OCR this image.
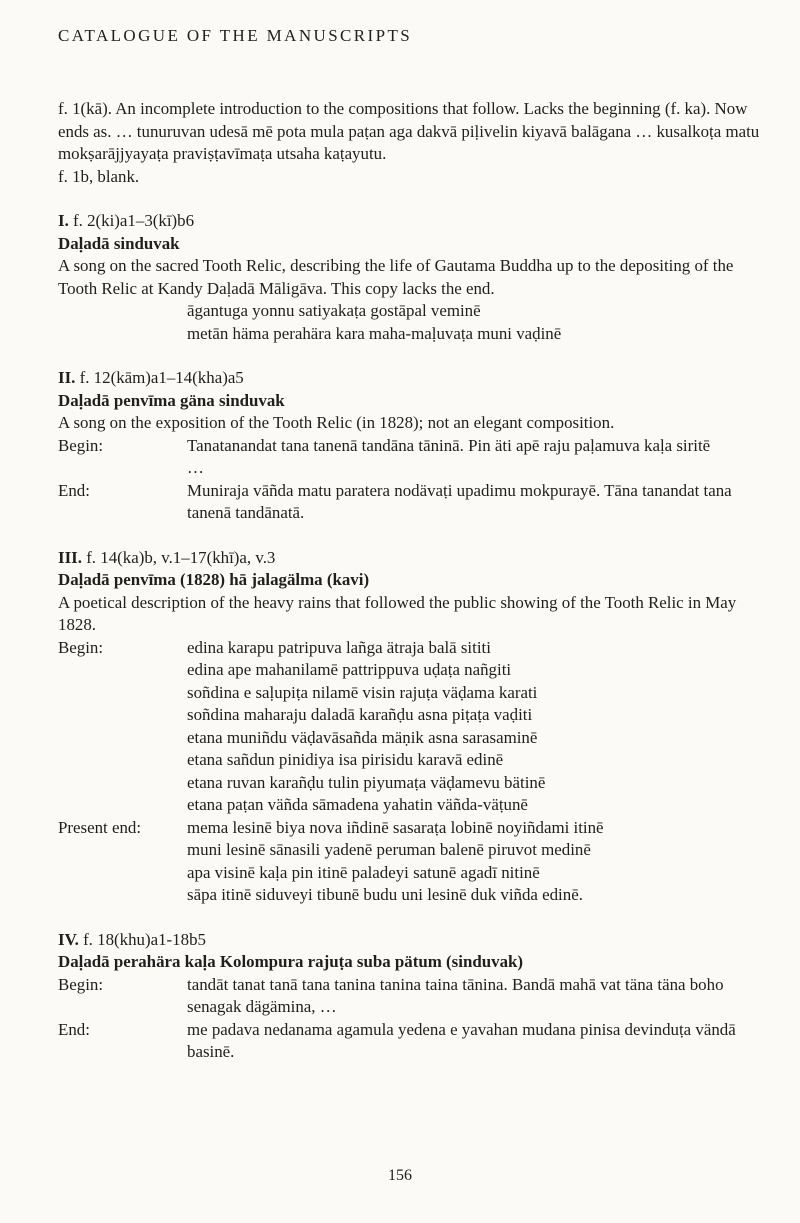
CATALOGUE OF THE MANUSCRIPTS

f. 1(kā). An incomplete introduction to the compositions that follow. Lacks the beginning (f. ka). Now ends as. … tunuruvan udesā mē pota mula paṭan aga dakvā piḷivelin kiyavā balāgana … kusalkoṭa matu mokṣarājjyayaṭa praviṣṭavīmaṭa utsaha kaṭayutu.

f. 1b, blank.

I. f. 2(ki)a1–3(kī)b6

Daḷadā sinduvak

A song on the sacred Tooth Relic, describing the life of Gautama Buddha up to the depositing of the Tooth Relic at Kandy Daḷadā Māligāva. This copy lacks the end.

āgantuga yonnu satiyakaṭa gostāpal veminē

metān häma perahära kara maha-maḷuvaṭa muni vaḍinē

II. f. 12(kām)a1–14(kha)a5

Daḷadā penvīma gäna sinduvak

A song on the exposition of the Tooth Relic (in 1828); not an elegant composition.

Begin:	Tanatanandat tana tanenā tandāna tāninā. Pin äti apē raju paḷamuva kaḷa siritē

…

End:	Muniraja vāñda matu paratera nodävaṭi upadimu mokpurayē. Tāna tanandat tana tanenā tandānatā.

III. f. 14(ka)b, v.1–17(khī)a, v.3

Daḷadā penvīma (1828) hā jalagälma (kavi)

A poetical description of the heavy rains that followed the public showing of the Tooth Relic in May 1828.

Begin:	edina karapu patripuva lañga ätraja balā sititi

edina ape mahanilamē pattrippuva uḍaṭa nañgiti

soñdina e saḷupiṭa nilamē visin rajuṭa väḍama karati

soñdina maharaju daladā karañḍu asna piṭaṭa vaḍiti

etana muniñdu väḍavāsañda mäṇik asna sarasaminē

etana sañdun pinidiya isa pirisidu karavā edinē

etana ruvan karañḍu tulin piyumaṭa väḍamevu bätinē

etana paṭan väñda sāmadena yahatin väñda-väṭunē

Present end:	mema lesinē biya nova iñdinē sasaraṭa lobinē noyiñdami itinē

muni lesinē sānasili yadenē peruman balenē piruvot medinē

apa visinē kaḷa pin itinē paladeyi satunē agadī nitinē

sāpa itinē siduveyi tibunē budu uni lesinē duk viñda edinē.

IV. f. 18(khu)a1-18b5

Daḷadā perahära kaḷa Kolompura rajuṭa suba pätum (sinduvak)

Begin:	tandāt tanat tanā tana tanina tanina taina tānina. Bandā mahā vat täna täna boho senagak dägämina, …

End:	me padava nedanama agamula yedena e yavahan mudana pinisa devinduṭa vändā basinē.

156
